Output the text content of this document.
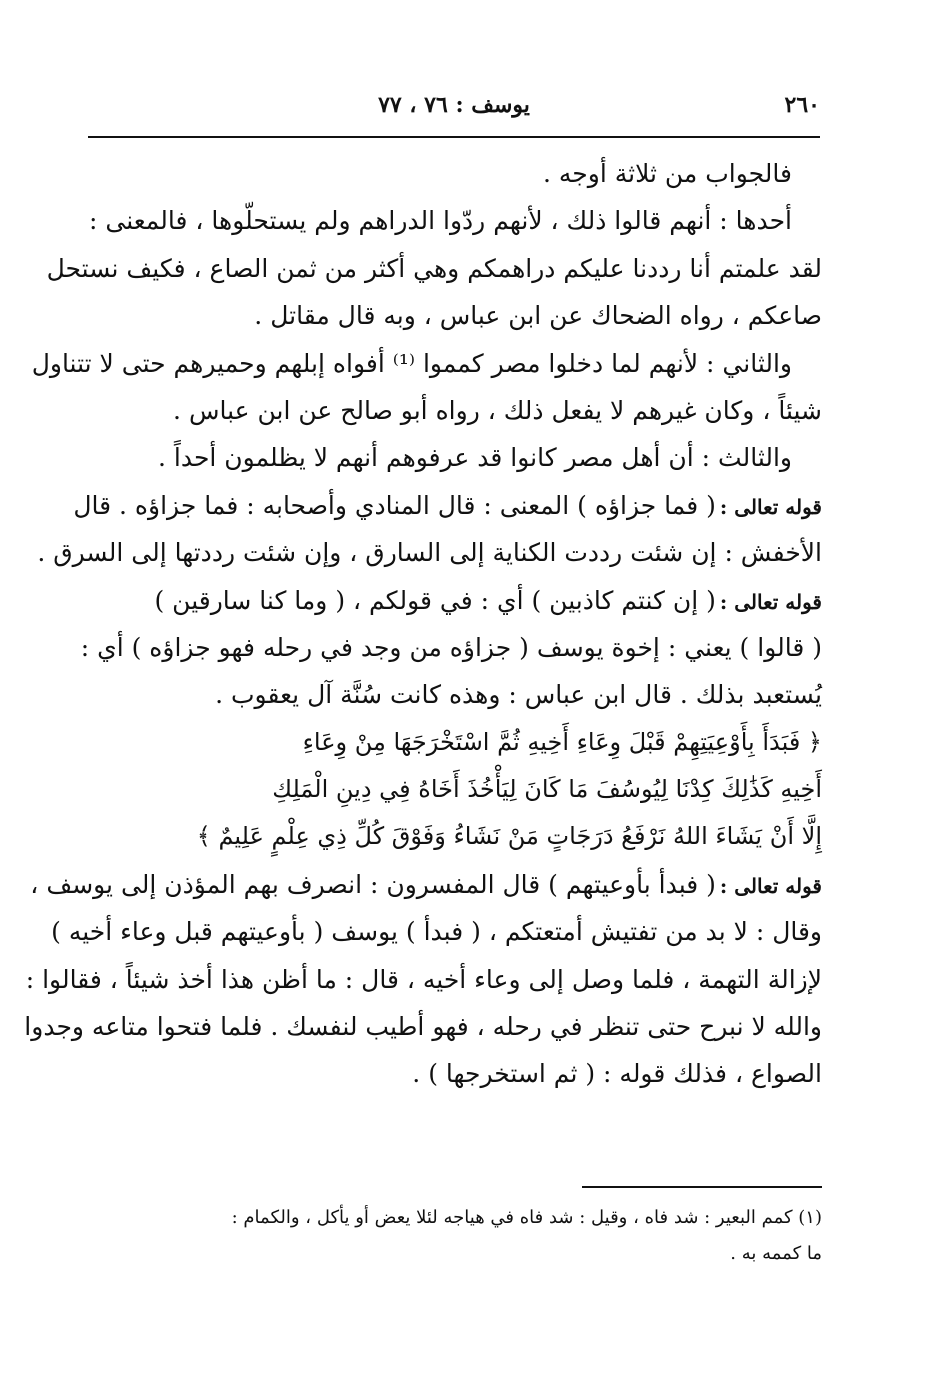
٢٦٠
يوسف : ٧٦ ، ٧٧
فالجواب من ثلاثة أوجه .
أحدها : أنهم قالوا ذلك ، لأنهم ردّوا الدراهم ولم يستحلّوها ، فالمعنى :
لقد علمتم أنا رددنا عليكم دراهمكم وهي أكثر من ثمن الصاع ، فكيف نستحل
صاعكم ، رواه الضحاك عن ابن عباس ، وبه قال مقاتل .
والثاني : لأنهم لما دخلوا مصر كمموا ⁽¹⁾ أفواه إبلهم وحميرهم حتى لا تتناول
شيئاً ، وكان غيرهم لا يفعل ذلك ، رواه أبو صالح عن ابن عباس .
والثالث : أن أهل مصر كانوا قد عرفوهم أنهم لا يظلمون أحداً .
قوله تعالى :( فما جزاؤه ) المعنى : قال المنادي وأصحابه : فما جزاؤه . قال
الأخفش : إن شئت رددت الكناية إلى السارق ، وإن شئت رددتها إلى السرق .
قوله تعالى :( إن كنتم كاذبين ) أي : في قولكم ، ( وما كنا سارقين )
( قالوا ) يعني : إخوة يوسف ( جزاؤه من وجد في رحله فهو جزاؤه ) أي :
يُستعبد بذلك . قال ابن عباس : وهذه كانت سُنَّة آل يعقوب .
﴿ فَبَدَأَ بِأَوْعِيَتِهِمْ قَبْلَ وِعَاءِ أَخِيهِ ثُمَّ اسْتَخْرَجَهَا مِنْ وِعَاءِ
أَخِيهِ كَذَٰلِكَ كِدْنَا لِيُوسُفَ مَا كَانَ لِيَأْخُذَ أَخَاهُ فِي دِينِ الْمَلِكِ
إِلَّا أَنْ يَشَاءَ اللهُ نَرْفَعُ دَرَجَاتٍ مَنْ نَشَاءُ وَفَوْقَ كُلِّ ذِي عِلْمٍ عَلِيمٌ ﴾
قوله تعالى :( فبدأ بأوعيتهم ) قال المفسرون : انصرف بهم المؤذن إلى يوسف ،
وقال : لا بد من تفتيش أمتعتكم ، ( فبدأ ) يوسف ( بأوعيتهم قبل وعاء أخيه )
لإزالة التهمة ، فلما وصل إلى وعاء أخيه ، قال : ما أظن هذا أخذ شيئاً ، فقالوا :
والله لا نبرح حتى تنظر في رحله ، فهو أطيب لنفسك . فلما فتحوا متاعه وجدوا
الصواع ، فذلك قوله : ( ثم استخرجها ) .
(١) كمم البعير : شد فاه ، وقيل : شد فاه في هياجه لئلا يعض أو يأكل ، والكمام :
ما كممه به .
